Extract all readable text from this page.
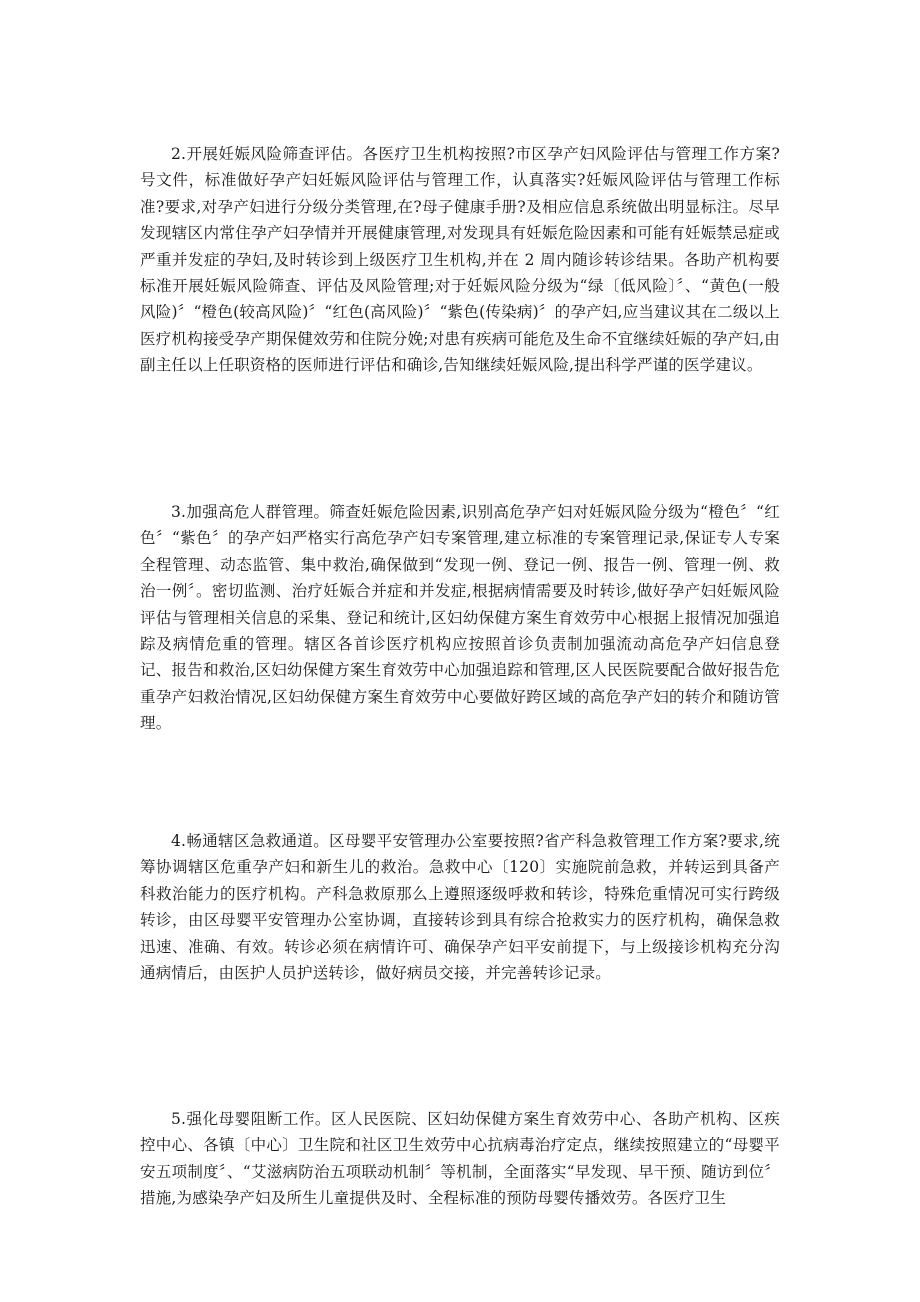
2.开展妊娠风险筛查评估。各医疗卫生机构按照?市区孕产妇风险评估与管理工作方案?号文件，标准做好孕产妇妊娠风险评估与管理工作，认真落实?妊娠风险评估与管理工作标准?要求,对孕产妇进行分级分类管理,在?母子健康手册?及相应信息系统做出明显标注。尽早发现辖区内常住孕产妇孕情并开展健康管理,对发现具有妊娠危险因素和可能有妊娠禁忌症或严重并发症的孕妇,及时转诊到上级医疗卫生机构,并在 2 周内随诊转诊结果。各助产机构要标准开展妊娠风险筛查、评估及风险管理;对于妊娠风险分级为“绿〔低风险〕〞、“黄色(一般风险)〞“橙色(较高风险)〞“红色(高风险)〞“紫色(传染病)〞的孕产妇,应当建议其在二级以上医疗机构接受孕产期保健效劳和住院分娩;对患有疾病可能危及生命不宜继续妊娠的孕产妇,由副主任以上任职资格的医师进行评估和确诊,告知继续妊娠风险,提出科学严谨的医学建议。

3.加强高危人群管理。筛查妊娠危险因素,识别高危孕产妇对妊娠风险分级为“橙色〞“红色〞“紫色〞的孕产妇严格实行高危孕产妇专案管理,建立标准的专案管理记录,保证专人专案全程管理、动态监管、集中救治,确保做到“发现一例、登记一例、报告一例、管理一例、救治一例〞。密切监测、治疗妊娠合并症和并发症,根据病情需要及时转诊,做好孕产妇妊娠风险评估与管理相关信息的采集、登记和统计,区妇幼保健方案生育效劳中心根据上报情况加强追踪及病情危重的管理。辖区各首诊医疗机构应按照首诊负责制加强流动高危孕产妇信息登记、报告和救治,区妇幼保健方案生育效劳中心加强追踪和管理,区人民医院要配合做好报告危重孕产妇救治情况,区妇幼保健方案生育效劳中心要做好跨区域的高危孕产妇的转介和随访管理。

4.畅通辖区急救通道。区母婴平安管理办公室要按照?省产科急救管理工作方案?要求,统筹协调辖区危重孕产妇和新生儿的救治。急救中心〔120〕实施院前急救，并转运到具备产科救治能力的医疗机构。产科急救原那么上遵照逐级呼救和转诊，特殊危重情况可实行跨级转诊，由区母婴平安管理办公室协调，直接转诊到具有综合抢救实力的医疗机构，确保急救迅速、准确、有效。转诊必须在病情许可、确保孕产妇平安前提下，与上级接诊机构充分沟通病情后，由医护人员护送转诊，做好病员交接，并完善转诊记录。

5.强化母婴阻断工作。区人民医院、区妇幼保健方案生育效劳中心、各助产机构、区疾控中心、各镇〔中心〕卫生院和社区卫生效劳中心抗病毒治疗定点，继续按照建立的“母婴平安五项制度〞、“艾滋病防治五项联动机制〞等机制，全面落实“早发现、早干预、随访到位〞措施,为感染孕产妇及所生儿童提供及时、全程标准的预防母婴传播效劳。各医疗卫生
